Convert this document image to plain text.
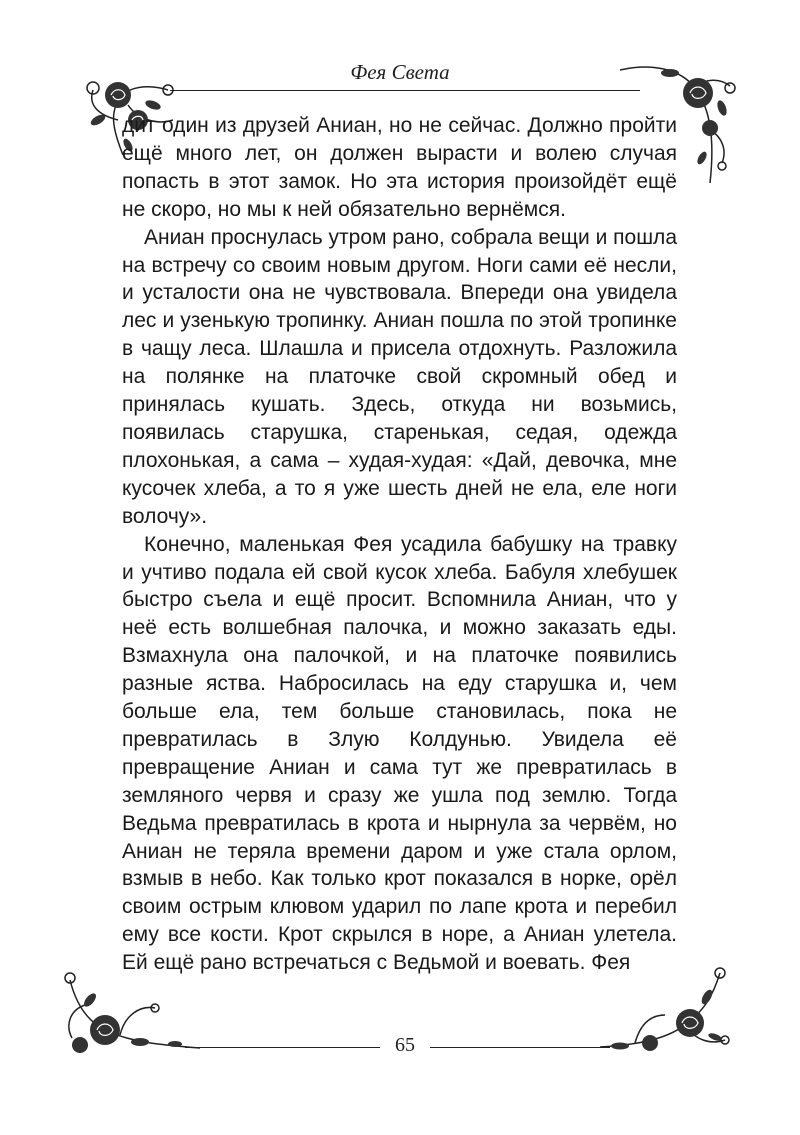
Фея Света

дит один из друзей Аниан, но не сейчас. Должно пройти ещё много лет, он должен вырасти и волею случая попасть в этот замок. Но эта история произойдёт ещё не скоро, но мы к ней обязательно вернёмся.

Аниан проснулась утром рано, собрала вещи и пошла на встречу со своим новым другом. Ноги сами её несли, и усталости она не чувствовала. Впереди она увидела лес и узенькую тропинку. Аниан пошла по этой тропинке в чащу леса. Шлашла и присела отдохнуть. Разложила на полянке на платочке свой скромный обед и принялась кушать. Здесь, откуда ни возьмись, появилась старушка, старенькая, седая, одежда плохонькая, а сама – худая-худая: «Дай, девочка, мне кусочек хлеба, а то я уже шесть дней не ела, еле ноги волочу».

Конечно, маленькая Фея усадила бабушку на травку и учтиво подала ей свой кусок хлеба. Бабуля хлебушек быстро съела и ещё просит. Вспомнила Аниан, что у неё есть волшебная палочка, и можно заказать еды. Взмахнула она палочкой, и на платочке появились разные яства. Набросилась на еду старушка и, чем больше ела, тем больше становилась, пока не превратилась в Злую Колдунью. Увидела её превращение Аниан и сама тут же превратилась в земляного червя и сразу же ушла под землю. Тогда Ведьма превратилась в крота и нырнула за червём, но Аниан не теряла времени даром и уже стала орлом, взмыв в небо. Как только крот показался в норке, орёл своим острым клювом ударил по лапе крота и перебил ему все кости. Крот скрылся в норе, а Аниан улетела. Ей ещё рано встречаться с Ведьмой и воевать. Фея

65
